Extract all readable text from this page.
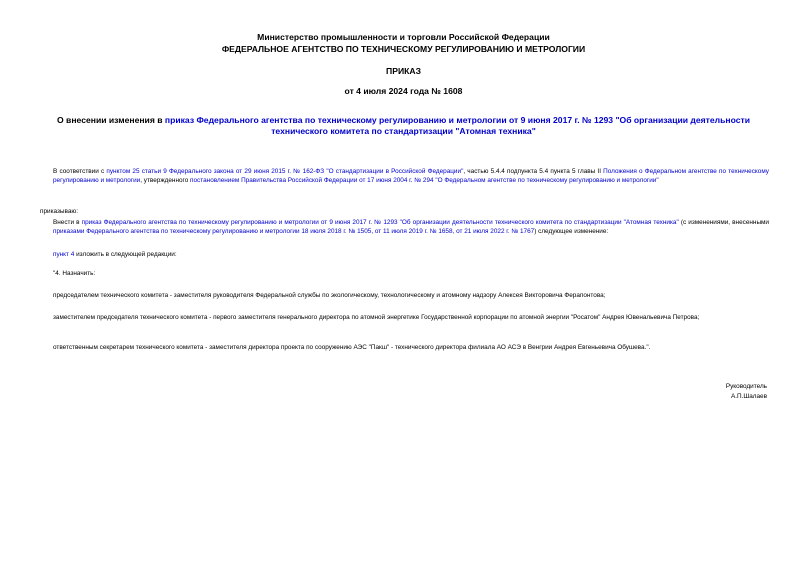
Министерство промышленности и торговли Российской Федерации
ФЕДЕРАЛЬНОЕ АГЕНТСТВО ПО ТЕХНИЧЕСКОМУ РЕГУЛИРОВАНИЮ И МЕТРОЛОГИИ
ПРИКАЗ
от 4 июля 2024 года № 1608
О внесении изменения в приказ Федерального агентства по техническому регулированию и метрологии от 9 июня 2017 г. № 1293 "Об организации деятельности технического комитета по стандартизации "Атомная техника"
В соответствии с пунктом 25 статьи 9 Федерального закона от 29 июня 2015 г. № 162-ФЗ "О стандартизации в Российской Федерации", частью 5.4.4 подпункта 5.4 пункта 5 главы II Положения о Федеральном агентстве по техническому регулированию и метрологии, утвержденного постановлением Правительства Российской Федерации от 17 июня 2004 г. № 294 "О Федеральном агентстве по техническому регулированию и метрологии"
приказываю:
Внести в приказ Федерального агентства по техническому регулированию и метрологии от 9 июня 2017 г. № 1293 "Об организации деятельности технического комитета по стандартизации "Атомная техника" (с изменениями, внесенными приказами Федерального агентства по техническому регулированию и метрологии 18 июля 2018 г. № 1505, от 11 июля 2019 г. № 1658, от 21 июля 2022 г. № 1767) следующее изменение:
пункт 4 изложить в следующей редакции:
"4. Назначить:
председателем технического комитета - заместителя руководителя Федеральной службы по экологическому, технологическому и атомному надзору Алексея Викторовича Ферапонтова;
заместителем председателя технического комитета - первого заместителя генерального директора по атомной энергетике Государственной корпорации по атомной энергии "Росатом" Андрея Ювенальевича Петрова;
ответственным секретарем технического комитета - заместителя директора проекта по сооружению АЭС "Пакш" - технического директора филиала АО АСЭ в Венгрии Андрея Евгеньевича Обушева.".
Руководитель
А.П.Шалаев
